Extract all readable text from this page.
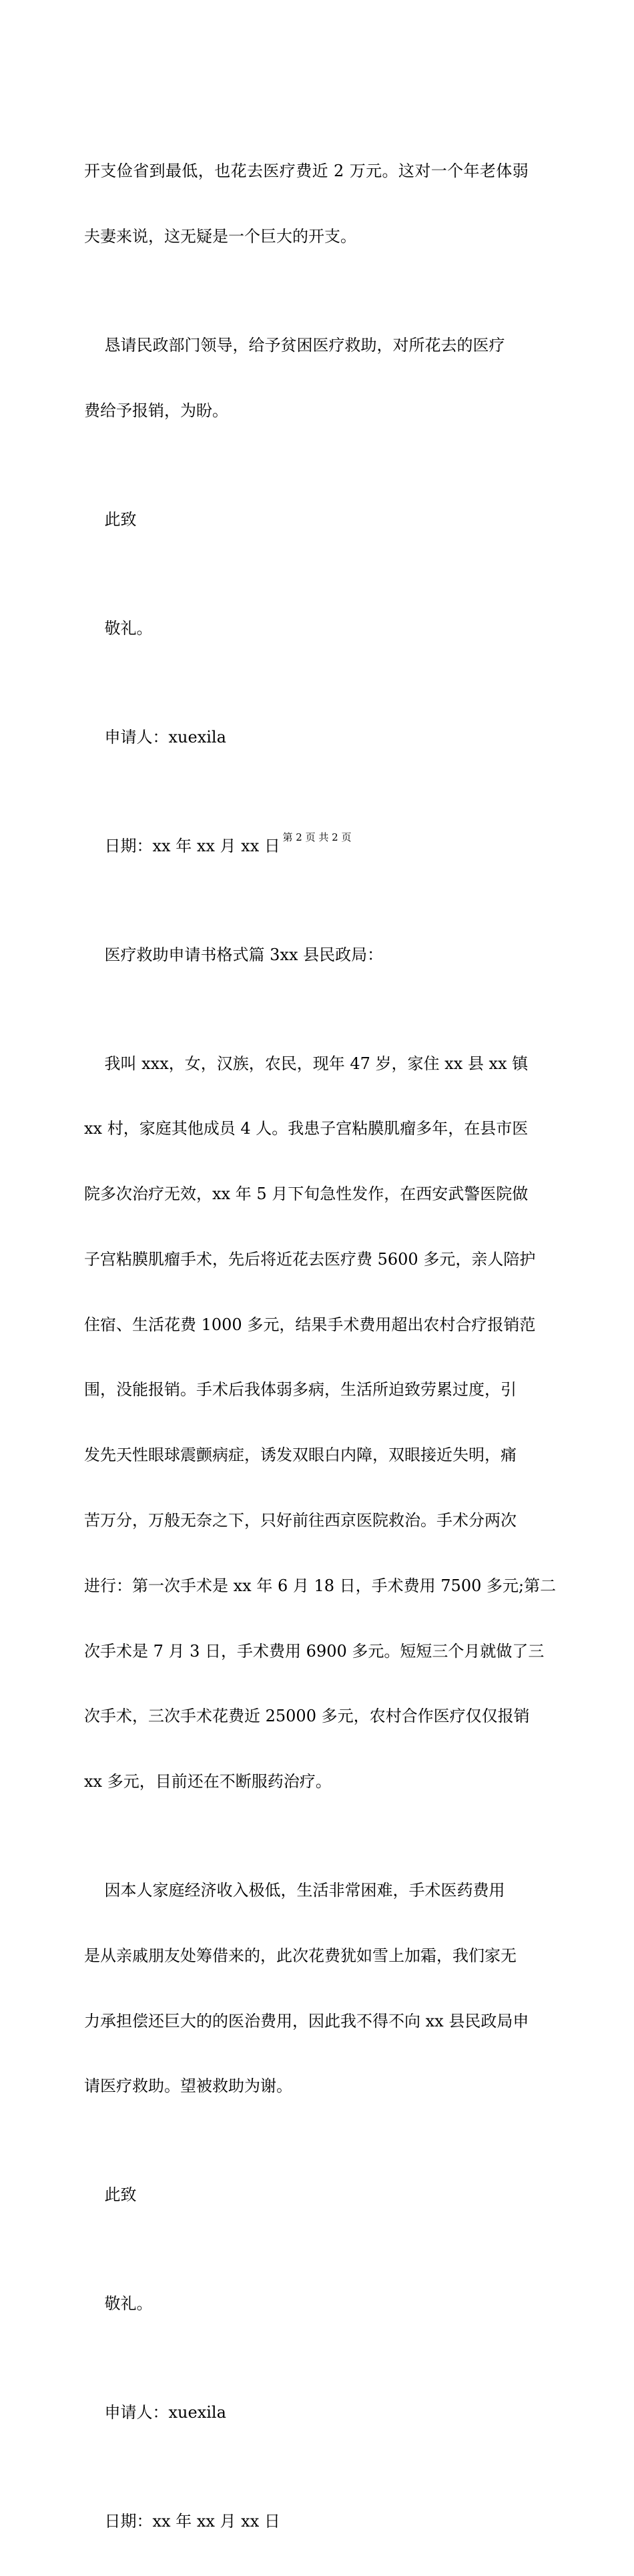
开支俭省到最低，也花去医疗费近 2 万元。这对一个年老体弱

夫妻来说，这无疑是一个巨大的开支。

恳请民政部门领导，给予贫困医疗救助，对所花去的医疗

费给予报销，为盼。

此致

敬礼。

申请人：xuexila

日期：xx 年 xx 月 xx 日

医疗救助申请书格式篇 3xx 县民政局：

我叫 xxx，女，汉族，农民，现年 47 岁，家住 xx 县 xx 镇

xx 村，家庭其他成员 4 人。我患子宫粘膜肌瘤多年，在县市医

院多次治疗无效，xx 年 5 月下旬急性发作，在西安武警医院做

子宫粘膜肌瘤手术，先后将近花去医疗费 5600 多元，亲人陪护

住宿、生活花费 1000 多元，结果手术费用超出农村合疗报销范

围，没能报销。手术后我体弱多病，生活所迫致劳累过度，引

发先天性眼球震颤病症，诱发双眼白内障，双眼接近失明，痛

苦万分，万般无奈之下，只好前往西京医院救治。手术分两次

进行：第一次手术是 xx 年 6 月 18 日，手术费用 7500 多元;第二

次手术是 7 月 3 日，手术费用 6900 多元。短短三个月就做了三

次手术，三次手术花费近 25000 多元，农村合作医疗仅仅报销

xx 多元，目前还在不断服药治疗。

因本人家庭经济收入极低，生活非常困难，手术医药费用

是从亲戚朋友处筹借来的，此次花费犹如雪上加霜，我们家无

力承担偿还巨大的的医治费用，因此我不得不向 xx 县民政局申

请医疗救助。望被救助为谢。

此致

敬礼。

申请人：xuexila

日期：xx 年 xx 月 xx 日

第 2 页 共 2 页
